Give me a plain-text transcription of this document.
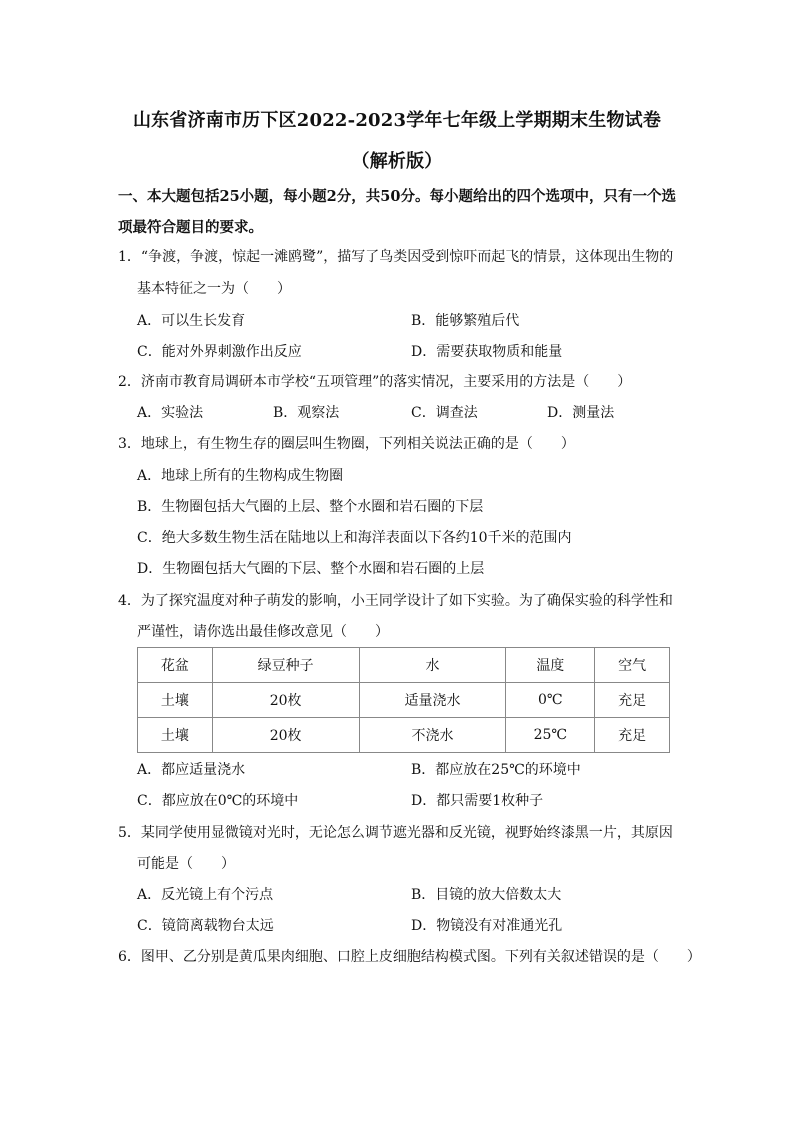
山东省济南市历下区2022-2023学年七年级上学期期末生物试卷
（解析版）
一、本大题包括25小题，每小题2分，共50分。每小题给出的四个选项中，只有一个选
项最符合题目的要求。
1．“争渡，争渡，惊起一滩鸥鹭”，描写了鸟类因受到惊吓而起飞的情景，这体现出生物的
基本特征之一为（　　）
A．可以生长发育	B．能够繁殖后代
C．能对外界刺激作出反应	D．需要获取物质和能量
2．济南市教育局调研本市学校“五项管理”的落实情况，主要采用的方法是（　　）
A．实验法	B．观察法	C．调查法	D．测量法
3．地球上，有生物生存的圈层叫生物圈，下列相关说法正确的是（　　）
A．地球上所有的生物构成生物圈
B．生物圈包括大气圈的上层、整个水圈和岩石圈的下层
C．绝大多数生物生活在陆地以上和海洋表面以下各约10千米的范围内
D．生物圈包括大气圈的下层、整个水圈和岩石圈的上层
4．为了探究温度对种子萌发的影响，小王同学设计了如下实验。为了确保实验的科学性和
严谨性，请你选出最佳修改意见（　　）
花盆	绿豆种子	水	温度	空气
土壤	20枚	适量浇水	0℃	充足
土壤	20枚	不浇水	25℃	充足
A．都应适量浇水	B．都应放在25℃的环境中
C．都应放在0℃的环境中	D．都只需要1枚种子
5．某同学使用显微镜对光时，无论怎么调节遮光器和反光镜，视野始终漆黑一片，其原因
可能是（　　）
A．反光镜上有个污点	B．目镜的放大倍数太大
C．镜筒离载物台太远	D．物镜没有对准通光孔
6．图甲、乙分别是黄瓜果肉细胞、口腔上皮细胞结构模式图。下列有关叙述错误的是（　　）
